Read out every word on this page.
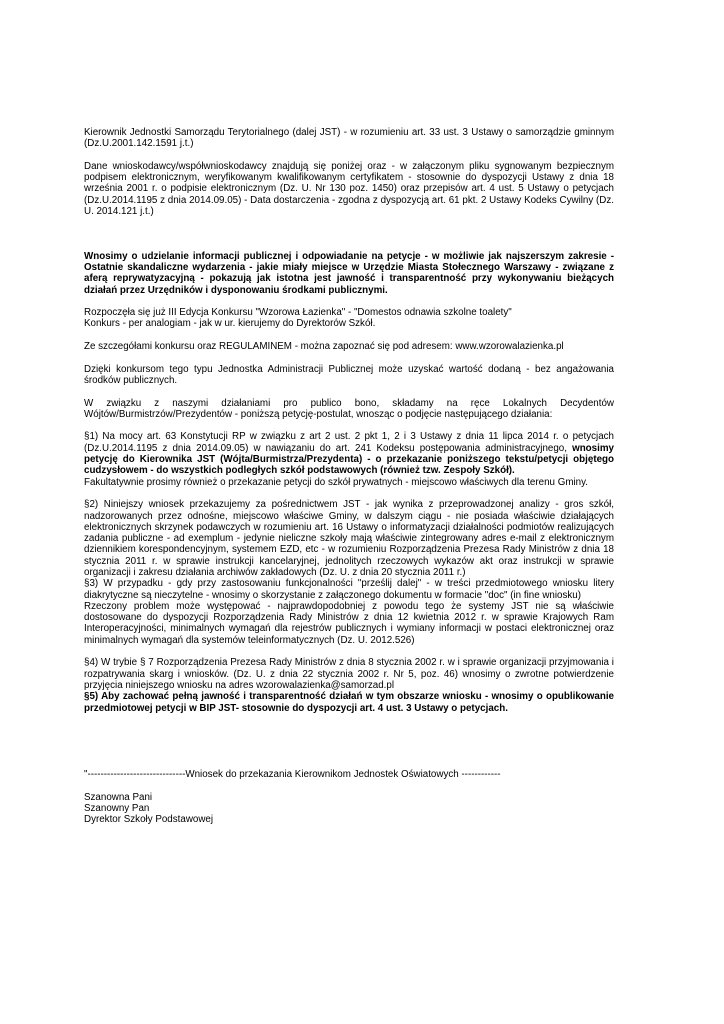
Kierownik Jednostki Samorządu Terytorialnego (dalej JST) - w rozumieniu art. 33 ust. 3 Ustawy o samorządzie gminnym (Dz.U.2001.142.1591 j.t.)

Dane wnioskodawcy/współwnioskodawcy znajdują się poniżej oraz - w załączonym pliku sygnowanym bezpiecznym podpisem elektronicznym, weryfikowanym kwalifikowanym certyfikatem - stosownie do dyspozycji Ustawy z dnia 18 września 2001 r. o podpisie elektronicznym (Dz. U. Nr 130 poz. 1450) oraz przepisów art. 4 ust. 5 Ustawy o petycjach (Dz.U.2014.1195 z dnia 2014.09.05) - Data dostarczenia - zgodna z dyspozycją art. 61 pkt. 2 Ustawy Kodeks Cywilny (Dz. U. 2014.121 j.t.)

Wnosimy o udzielanie informacji publicznej i odpowiadanie na petycje - w możliwie jak najszerszym zakresie - Ostatnie skandaliczne wydarzenia - jakie miały miejsce w Urzędzie Miasta Stołecznego Warszawy - związane z aferą reprywatyzacyjną - pokazują jak istotna jest jawność i transparentność przy wykonywaniu bieżących działań przez Urzędników i dysponowaniu środkami publicznymi.

Rozpoczęła się już III Edycja Konkursu "Wzorowa Łazienka" - "Domestos odnawia szkolne toalety"

Konkurs - per analogiam - jak w ur. kierujemy do Dyrektorów Szkół.

Ze szczegółami konkursu oraz REGULAMINEM - można zapoznać się pod adresem: www.wzorowalazienka.pl

Dzięki konkursom tego typu Jednostka Administracji Publicznej może uzyskać wartość dodaną - bez angażowania środków publicznych.

W związku z naszymi działaniami pro publico bono, składamy na ręce Lokalnych Decydentów Wójtów/Burmistrzów/Prezydentów - poniższą petycję-postulat, wnosząc o podjęcie następującego działania:

§1) Na mocy art. 63 Konstytucji RP w związku z art 2 ust. 2 pkt 1, 2 i 3 Ustawy z dnia 11 lipca 2014 r. o petycjach (Dz.U.2014.1195 z dnia 2014.09.05) w nawiązaniu do art. 241 Kodeksu postępowania administracyjnego, wnosimy petycję do Kierownika JST (Wójta/Burmistrza/Prezydenta) - o przekazanie poniższego tekstu/petycji objętego cudzysłowem - do wszystkich podległych szkół podstawowych (również tzw. Zespoły Szkół).

Fakultatywnie prosimy również o przekazanie petycji do szkół prywatnych - miejscowo właściwych dla terenu Gminy.

§2) Niniejszy wniosek przekazujemy za pośrednictwem JST - jak wynika z przeprowadzonej analizy - gros szkół, nadzorowanych przez odnośne, miejscowo właściwe Gminy, w dalszym ciągu - nie posiada właściwie działających elektronicznych skrzynek podawczych w rozumieniu art. 16 Ustawy o informatyzacji działalności podmiotów realizujących zadania publiczne - ad exemplum - jedynie nieliczne szkoły mają właściwie zintegrowany adres e-mail z elektronicznym dziennikiem korespondencyjnym, systemem EZD, etc - w rozumieniu Rozporządzenia Prezesa Rady Ministrów z dnia 18 stycznia 2011 r. w sprawie instrukcji kancelaryjnej, jednolitych rzeczowych wykazów akt oraz instrukcji w sprawie organizacji i zakresu działania archiwów zakładowych (Dz. U. z dnia 20 stycznia 2011 r.)

§3) W przypadku - gdy przy zastosowaniu funkcjonalności "prześlij dalej" - w treści przedmiotowego wniosku litery diakrytyczne są nieczytelne - wnosimy o skorzystanie z załączonego dokumentu w formacie "doc" (in fine wniosku)

Rzeczony problem może występować - najprawdopodobniej z powodu tego że systemy JST nie są właściwie dostosowane do dyspozycji Rozporządzenia Rady Ministrów z dnia 12 kwietnia 2012 r. w sprawie Krajowych Ram Interoperacyjności, minimalnych wymagań dla rejestrów publicznych i wymiany informacji w postaci elektronicznej oraz minimalnych wymagań dla systemów teleinformatycznych (Dz. U. 2012.526)

§4) W trybie § 7 Rozporządzenia Prezesa Rady Ministrów z dnia 8 stycznia 2002 r. w i sprawie organizacji przyjmowania i rozpatrywania skarg i wniosków. (Dz. U. z dnia 22 stycznia 2002 r. Nr 5, poz. 46) wnosimy o zwrotne potwierdzenie przyjęcia niniejszego wniosku na adres wzorowalazienka@samorzad.pl

§5) Aby zachować pełną jawność i transparentność działań w tym obszarze wniosku - wnosimy o opublikowanie przedmiotowej petycji w BIP JST- stosownie do dyspozycji art. 4 ust. 3 Ustawy o petycjach.

"------------------------------Wniosek do przekazania Kierownikom Jednostek Oświatowych ------------

Szanowna Pani

Szanowny Pan

Dyrektor Szkoły Podstawowej
